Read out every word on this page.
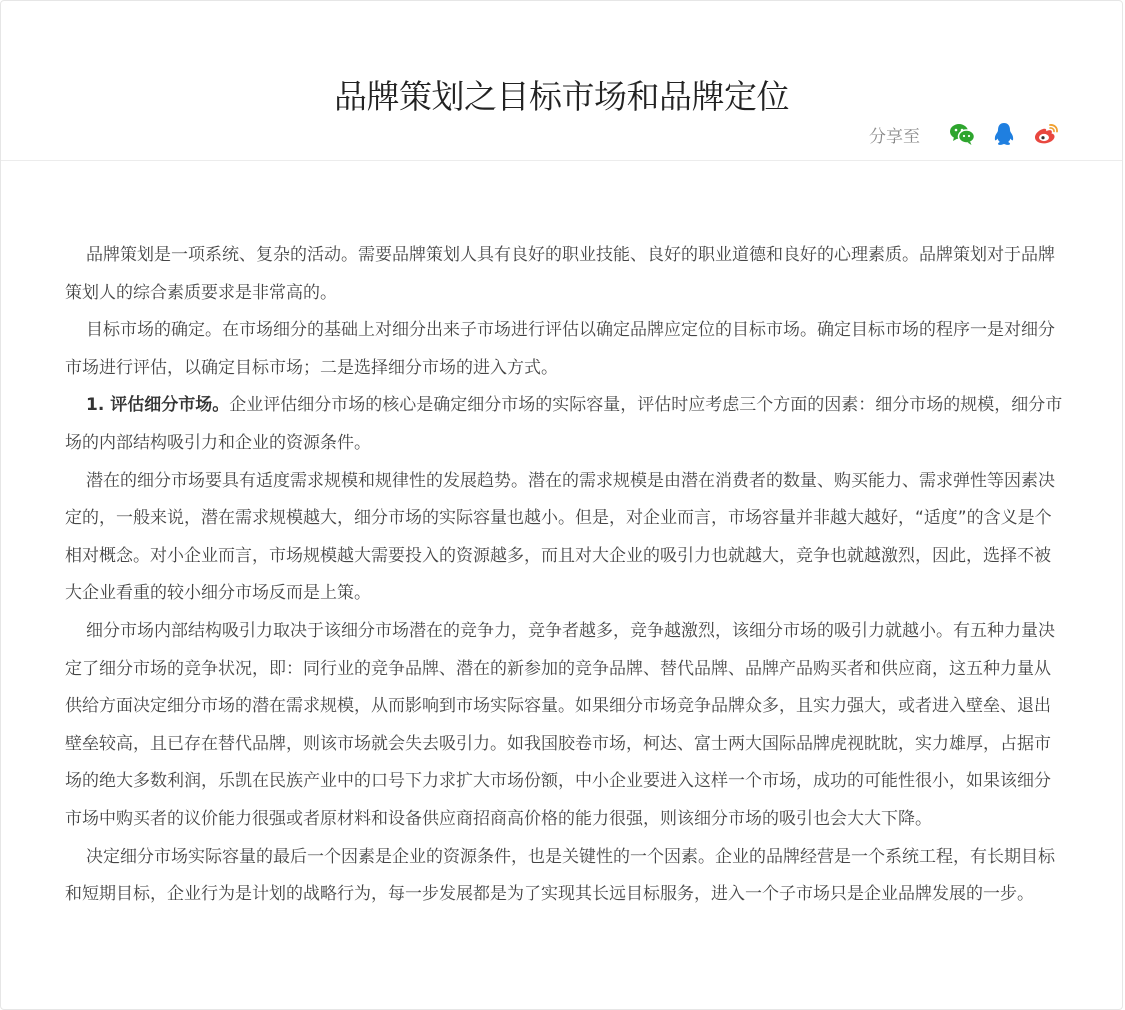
品牌策划之目标市场和品牌定位
分享至

品牌策划是一项系统、复杂的活动。需要品牌策划人具有良好的职业技能、良好的职业道德和良好的心理素质。品牌策划对于品牌策划人的综合素质要求是非常高的。

目标市场的确定。在市场细分的基础上对细分出来子市场进行评估以确定品牌应定位的目标市场。确定目标市场的程序一是对细分市场进行评估，以确定目标市场；二是选择细分市场的进入方式。

1. 评估细分市场。企业评估细分市场的核心是确定细分市场的实际容量，评估时应考虑三个方面的因素：细分市场的规模，细分市场的内部结构吸引力和企业的资源条件。

潜在的细分市场要具有适度需求规模和规律性的发展趋势。潜在的需求规模是由潜在消费者的数量、购买能力、需求弹性等因素决定的，一般来说，潜在需求规模越大，细分市场的实际容量也越小。但是，对企业而言，市场容量并非越大越好，“适度”的含义是个相对概念。对小企业而言，市场规模越大需要投入的资源越多，而且对大企业的吸引力也就越大，竞争也就越激烈，因此，选择不被大企业看重的较小细分市场反而是上策。

细分市场内部结构吸引力取决于该细分市场潜在的竞争力，竞争者越多，竞争越激烈，该细分市场的吸引力就越小。有五种力量决定了细分市场的竞争状况，即：同行业的竞争品牌、潜在的新参加的竞争品牌、替代品牌、品牌产品购买者和供应商，这五种力量从供给方面决定细分市场的潜在需求规模，从而影响到市场实际容量。如果细分市场竞争品牌众多，且实力强大，或者进入壁垒、退出壁垒较高，且已存在替代品牌，则该市场就会失去吸引力。如我国胶卷市场，柯达、富士两大国际品牌虎视眈眈，实力雄厚，占据市场的绝大多数利润，乐凯在民族产业中的口号下力求扩大市场份额，中小企业要进入这样一个市场，成功的可能性很小，如果该细分市场中购买者的议价能力很强或者原材料和设备供应商招商高价格的能力很强，则该细分市场的吸引也会大大下降。

决定细分市场实际容量的最后一个因素是企业的资源条件，也是关键性的一个因素。企业的品牌经营是一个系统工程，有长期目标和短期目标，企业行为是计划的战略行为，每一步发展都是为了实现其长远目标服务，进入一个子市场只是企业品牌发展的一步。
